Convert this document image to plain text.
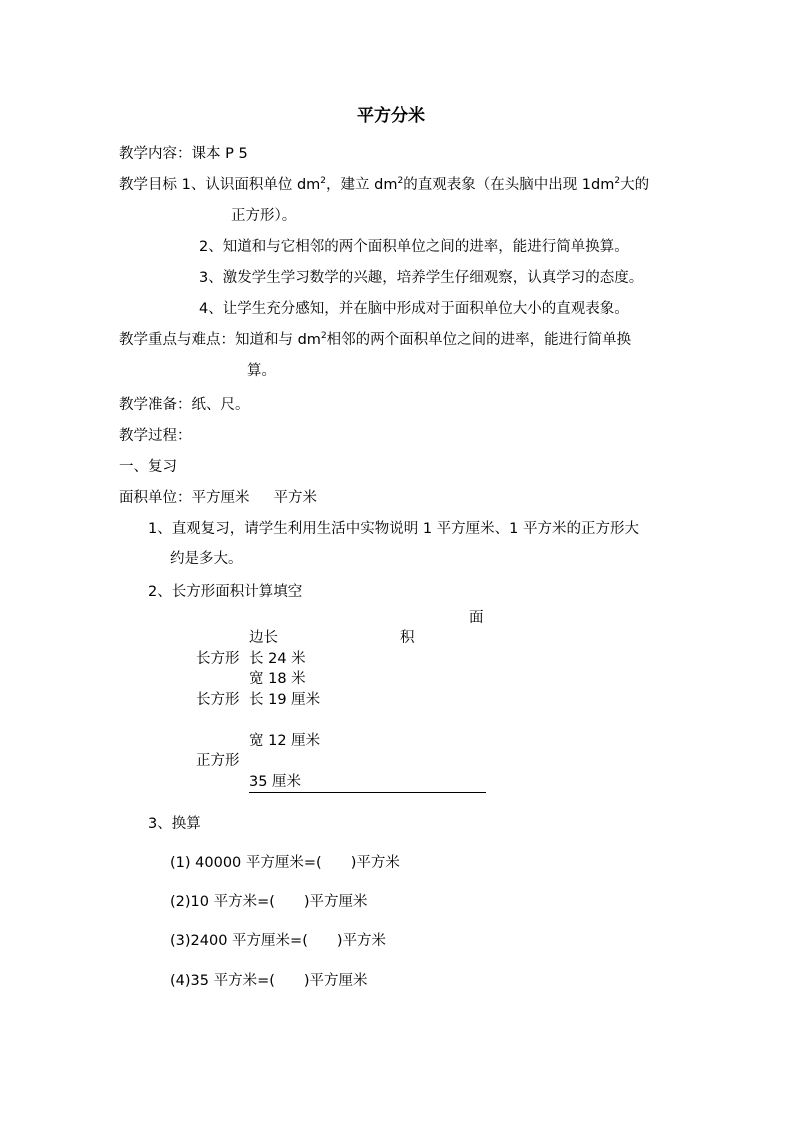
平方分米
教学内容：课本 P 5
教学目标 1、认识面积单位 $dm^2$，建立 $dm^2$的直观表象（在头脑中出现 $1dm^2$大的
正方形）。
2、知道和与它相邻的两个面积单位之间的进率，能进行简单换算。
3、激发学生学习数学的兴趣，培养学生仔细观察，认真学习的态度。
4、让学生充分感知，并在脑中形成对于面积单位大小的直观表象。
教学重点与难点：知道和与 $dm^2$相邻的两个面积单位之间的进率，能进行简单换
算。
教学准备：纸、尺。
教学过程：
一、复习
面积单位：平方厘米 平方米
1、直观复习，请学生利用生活中实物说明 1 平方厘米、1 平方米的正方形大
约是多大。
2、长方形面积计算填空
面
边长	积
长方形 长 24 米
宽 18 米
长方形 长 19 厘米
宽 12 厘米
正方形
35 厘米
3、换算
(1) 40000 平方厘米=(　　)平方米
(2)10 平方米=(　　)平方厘米
(3)2400 平方厘米=(　　)平方米
(4)35 平方米=(　　)平方厘米
